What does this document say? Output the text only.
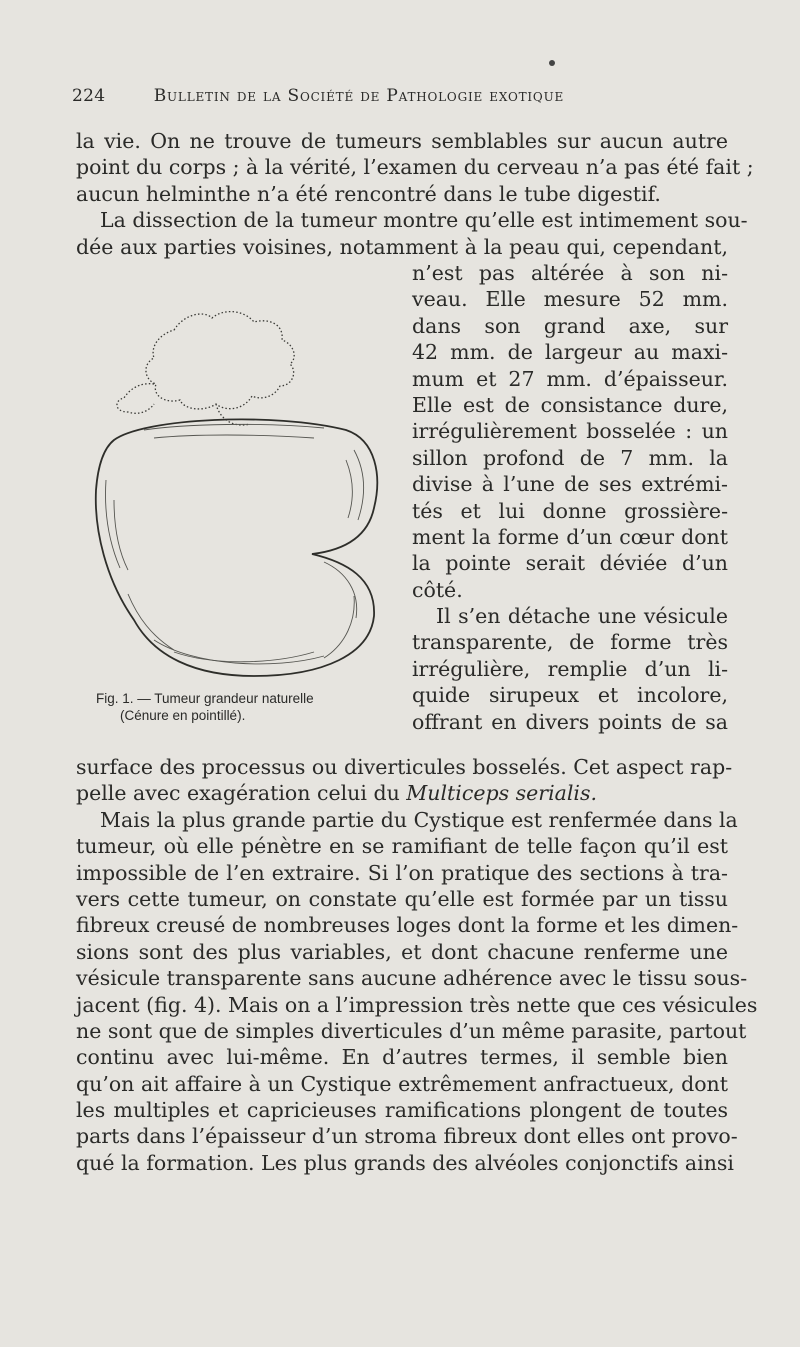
224	Bulletin de la Société de Pathologie exotique
la vie. On ne trouve de tumeurs semblables sur aucun autre
point du corps ; à la vérité, l’examen du cerveau n’a pas été fait ;
aucun helminthe n’a été rencontré dans le tube digestif.
La dissection de la tumeur montre qu’elle est intimement sou-
dée aux parties voisines, notamment à la peau qui, cependant,
n’est pas altérée à son ni-
veau. Elle mesure 52 mm.
dans son grand axe, sur
42 mm. de largeur au maxi-
mum et 27 mm. d’épaisseur.
Elle est de consistance dure,
irrégulièrement bosselée : un
sillon profond de 7 mm. la
divise à l’une de ses extrémi-
tés et lui donne grossière-
ment la forme d’un cœur dont
la pointe serait déviée d’un
côté.
Il s’en détache une vésicule
transparente, de forme très
irrégulière, remplie d’un li-
quide sirupeux et incolore,
offrant en divers points de sa
Fig. 1. — Tumeur grandeur naturelle
(Cénure en pointillé).
surface des processus ou diverticules bosselés. Cet aspect rap-
pelle avec exagération celui du Multiceps serialis.
Mais la plus grande partie du Cystique est renfermée dans la
tumeur, où elle pénètre en se ramifiant de telle façon qu’il est
impossible de l’en extraire. Si l’on pratique des sections à tra-
vers cette tumeur, on constate qu’elle est formée par un tissu
fibreux creusé de nombreuses loges dont la forme et les dimen-
sions sont des plus variables, et dont chacune renferme une
vésicule transparente sans aucune adhérence avec le tissu sous-
jacent (fig. 4). Mais on a l’impression très nette que ces vésicules
ne sont que de simples diverticules d’un même parasite, partout
continu avec lui-même. En d’autres termes, il semble bien
qu’on ait affaire à un Cystique extrêmement anfractueux, dont
les multiples et capricieuses ramifications plongent de toutes
parts dans l’épaisseur d’un stroma fibreux dont elles ont provo-
qué la formation. Les plus grands des alvéoles conjonctifs ainsi
